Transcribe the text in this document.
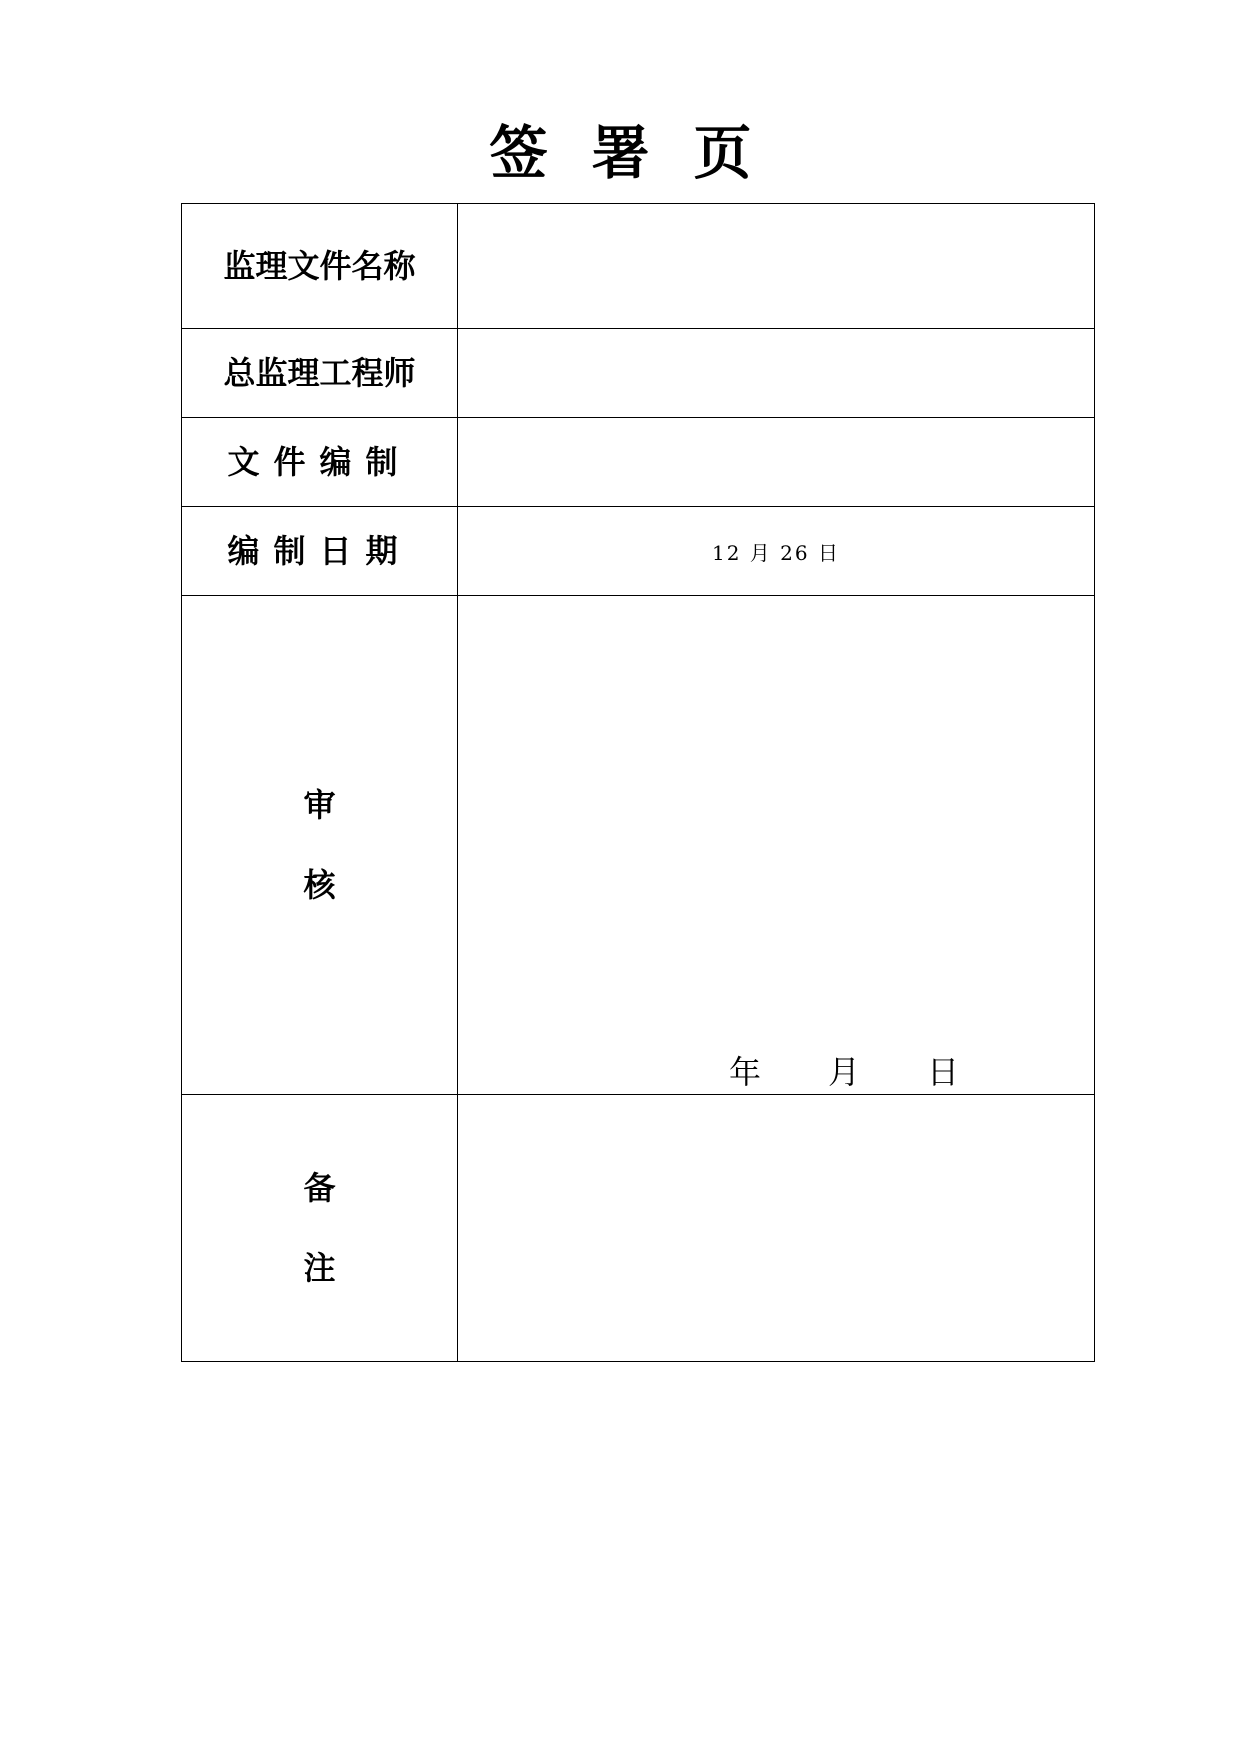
签 署 页
监理文件名称	
总监理工程师	
文件编制	
编制日期	12 月 26 日

审
核	年 月 日

备
注	
